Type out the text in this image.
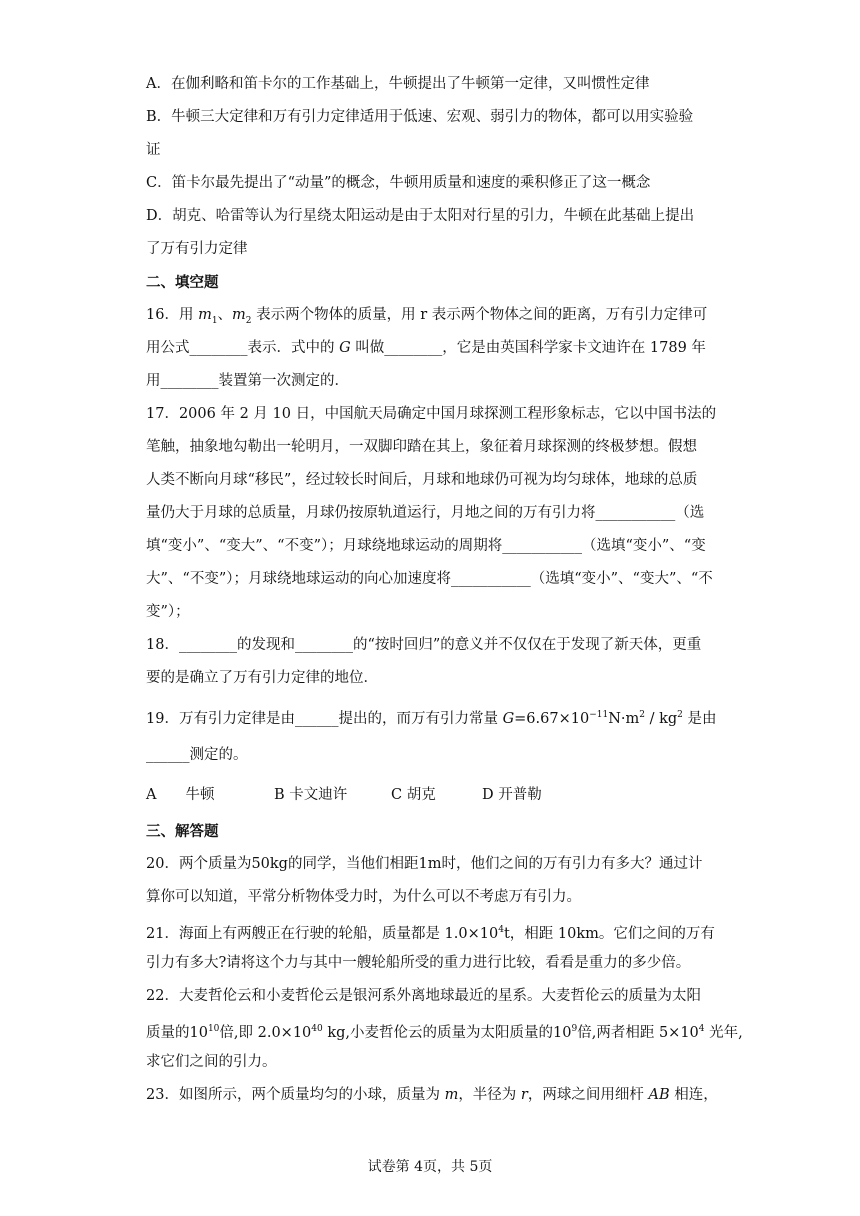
A．在伽利略和笛卡尔的工作基础上，牛顿提出了牛顿第一定律，又叫惯性定律
B．牛顿三大定律和万有引力定律适用于低速、宏观、弱引力的物体，都可以用实验验
证
C．笛卡尔最先提出了“动量”的概念，牛顿用质量和速度的乘积修正了这一概念
D．胡克、哈雷等认为行星绕太阳运动是由于太阳对行星的引力，牛顿在此基础上提出
了万有引力定律
二、填空题
16．用 $m_1$、$m_2$ 表示两个物体的质量，用 r 表示两个物体之间的距离，万有引力定律可
用公式________表示．式中的 G 叫做________，它是由英国科学家卡文迪许在 1789 年
用________装置第一次测定的．
17．2006 年 2 月 10 日，中国航天局确定中国月球探测工程形象标志，它以中国书法的
笔触，抽象地勾勒出一轮明月，一双脚印踏在其上，象征着月球探测的终极梦想。假想
人类不断向月球“移民”，经过较长时间后，月球和地球仍可视为均匀球体，地球的总质
量仍大于月球的总质量，月球仍按原轨道运行，月地之间的万有引力将___________（选
填“变小”、“变大”、“不变”）；月球绕地球运动的周期将___________（选填“变小”、“变
大”、“不变”）；月球绕地球运动的向心加速度将___________（选填“变小”、“变大”、“不
变”）；
18．________的发现和________的“按时回归”的意义并不仅仅在于发现了新天体，更重
要的是确立了万有引力定律的地位．
19．万有引力定律是由______提出的，而万有引力常量 $G=6.67\times 10^{-11}N\cdot m^2 / kg^2$ 是由
______测定的。
A　　牛顿	B 卡文迪许	C 胡克	D 开普勒
三、解答题
20．两个质量为50kg的同学，当他们相距1m时，他们之间的万有引力有多大？通过计
算你可以知道，平常分析物体受力时，为什么可以不考虑万有引力。
21．海面上有两艘正在行驶的轮船，质量都是 $1.0\times 10^4t$，相距 10km。它们之间的万有
引力有多大?请将这个力与其中一艘轮船所受的重力进行比较，看看是重力的多少倍。
22．大麦哲伦云和小麦哲伦云是银河系外离地球最近的星系。大麦哲伦云的质量为太阳
质量的$10^{10}$倍,即 $2.0\times 10^{40}$ kg,小麦哲伦云的质量为太阳质量的$10^9$倍,两者相距 $5\times 10^4$ 光年,
求它们之间的引力。
23．如图所示，两个质量均匀的小球，质量为 m，半径为 r，两球之间用细杆 AB 相连，
试卷第 4页，共 5页
